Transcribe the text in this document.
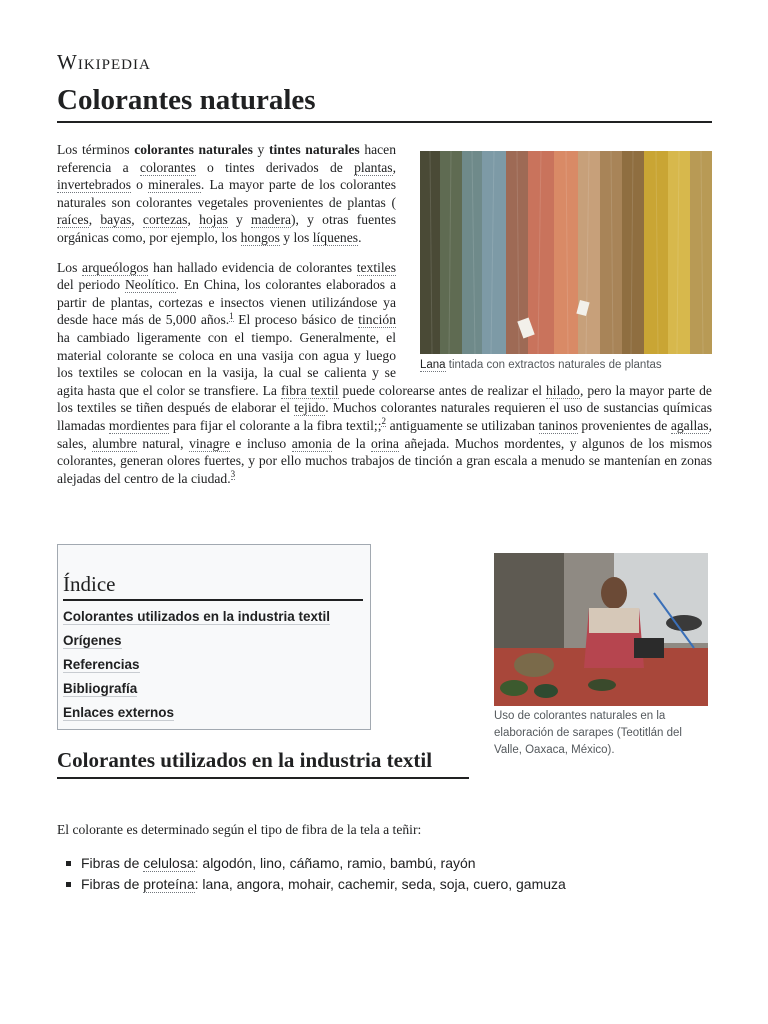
Wikipedia
Colorantes naturales
Lana tintada con extractos naturales de plantas

Los términos colorantes naturales y tintes naturales hacen referencia a colorantes o tintes derivados de plantas, invertebrados o minerales. La mayor parte de los colorantes naturales son colorantes vegetales provenientes de plantas ( raíces, bayas, cortezas, hojas y madera), y otras fuentes orgánicas como, por ejemplo, los hongos y los líquenes.

Los arqueólogos han hallado evidencia de colorantes textiles del periodo Neolítico. En China, los colorantes elaborados a partir de plantas, cortezas e insectos vienen utilizándose ya desde hace más de 5,000 años.$^1$ El proceso básico de tinción ha cambiado ligeramente con el tiempo. Generalmente, el material colorante se coloca en una vasija con agua y luego los textiles se colocan en la vasija, la cual se calienta y se agita hasta que el color se transfiere. La fibra textil puede colorearse antes de realizar el hilado, pero la mayor parte de los textiles se tiñen después de elaborar el tejido. Muchos colorantes naturales requieren el uso de sustancias químicas llamadas mordientes para fijar el colorante a la fibra textil;;$^2$ antiguamente se utilizaban taninos provenientes de agallas, sales, alumbre natural, vinagre e incluso amonia de la orina añejada. Muchos mordentes, y algunos de los mismos colorantes, generan olores fuertes, y por ello muchos trabajos de tinción a gran escala a menudo se mantenían en zonas alejadas del centro de la ciudad.$^3$

Índice
Colorantes utilizados en la industria textil
Orígenes
Referencias
Bibliografía
Enlaces externos	Uso de colorantes naturales en la elaboración de sarapes (Teotitlán del Valle, Oaxaca, México).
Colorantes utilizados en la industria textil
El colorante es determinado según el tipo de fibra de la tela a teñir:
Fibras de celulosa: algodón, lino, cáñamo, ramio, bambú, rayón
Fibras de proteína: lana, angora, mohair, cachemir, seda, soja, cuero, gamuza
